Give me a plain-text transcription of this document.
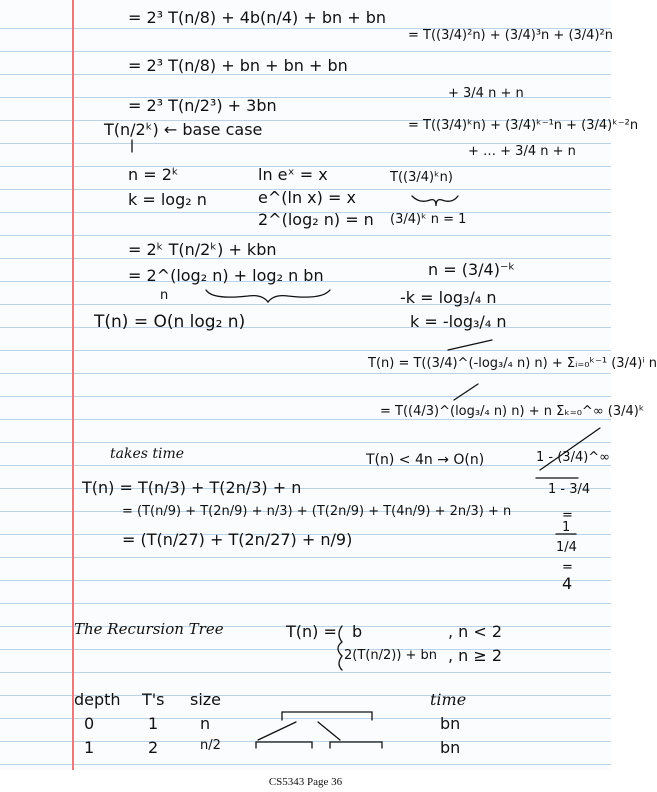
= 2³ T(n/8) + 4b(n/4) + bn + bn
= 2³ T(n/8) + bn + bn + bn
= 2³ T(n/2³) + 3bn
T(n/2ᵏ) ← base case
n = 2ᵏ
k = log₂ n
ln eˣ = x
e^(ln x) = x
2^(log₂ n) = n
= 2ᵏ T(n/2ᵏ) + kbn
= 2^(log₂ n) + log₂ n bn
n
T(n) = O(n log₂ n)
= T((3/4)²n) + (3/4)³n + (3/4)²n
+ 3/4 n + n
= T((3/4)ᵏn) + (3/4)ᵏ⁻¹n + (3/4)ᵏ⁻²n
+ … + 3/4 n + n
T((3/4)ᵏn)
(3/4)ᵏ n = 1
n = (3/4)⁻ᵏ
-k = log₃/₄ n
k = -log₃/₄ n
T(n) = T((3/4)^(-log₃/₄ n) n) + Σᵢ₌₀ᵏ⁻¹ (3/4)ⁱ n
= T((4/3)^(log₃/₄ n) n) + n Σₖ₌₀^∞ (3/4)ᵏ
takes time	T(n) < 4n → O(n)	1 - (3/4)^∞
1 - 3/4
=
1
1/4
=
4
T(n) = T(n/3) + T(2n/3) + n
= (T(n/9) + T(2n/9) + n/3) + (T(2n/9) + T(4n/9) + 2n/3) + n
= (T(n/27) + T(2n/27) + n/9)
The Recursion Tree	T(n) = b	, n < 2
2(T(n/2)) + bn , n ≥ 2
depth T's size	time
0	1	n	bn
1	2	n/2	bn
CS5343 Page 36
